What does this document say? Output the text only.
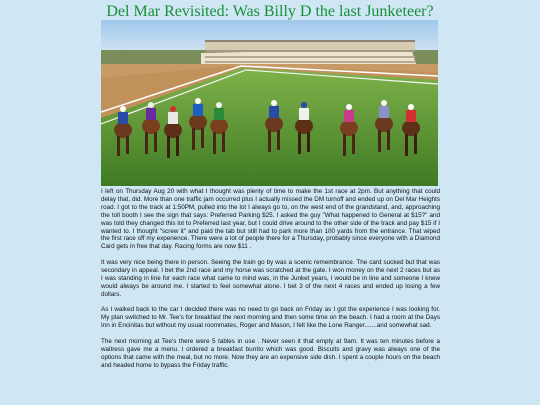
Del Mar Revisited: Was Billy D the last Junketeer?

I left on Thursday Aug 20 with what I thought was plenty of time to make the 1st race at 2pm. But anything that could delay that, did. More than one traffic jam occurred plus I actually missed the DM turnoff and ended up on Del Mar Heights road. I got to the track at 1:50PM, pulled into the lot I always go to, on the west end of the grandstand, and, approaching the toll booth I see the sign that says: Preferred Parking $25. I asked the guy "What happened to General at $15?" and was told they changed this lot to Preferred last year, but I could drive around to the other side of the track and pay $15 if I wanted to. I thought "screw it" and paid the tab but still had to park more than 100 yards from the entrance. That wiped the first race off my experience. There were a lot of people there for a Thursday, probably since everyone with a Diamond Card gets in free that day. Racing forms are now $11 .

It was very nice being there in person. Seeing the train go by was a scenic remembrance. The card sucked but that was secondary in appeal. I bet the 2nd race and my horse was scratched at the gate. I won money on the next 2 races but as I was standing in line for each race what came to mind was, in the Junket years, I would be in line and someone I knew would always be around me. I started to feel somewhat alone. I bet 3 of the next 4 races and ended up losing a few dollars.

As I walked back to the car I decided there was no need to go back on Friday as I got the experience I was looking for. My plan switched to Mr. Tee's for breakfast the next morning and then some time on the beach. I had a room at the Days Inn in Encinitas but without my usual roommates, Roger and Mason, I felt like the Lone Ranger.......and somewhat sad.

The next morning at Tee's there were 5 tables in use . Never seen it that empty at 9am. It was ten minutes before a waitress gave me a menu. I ordered a breakfast burrito which was good. Biscuits and gravy was always one of the options that came with the meal, but no more. Now they are an expensive side dish. I spent a couple hours on the beach and headed home to bypass the Friday traffic.
